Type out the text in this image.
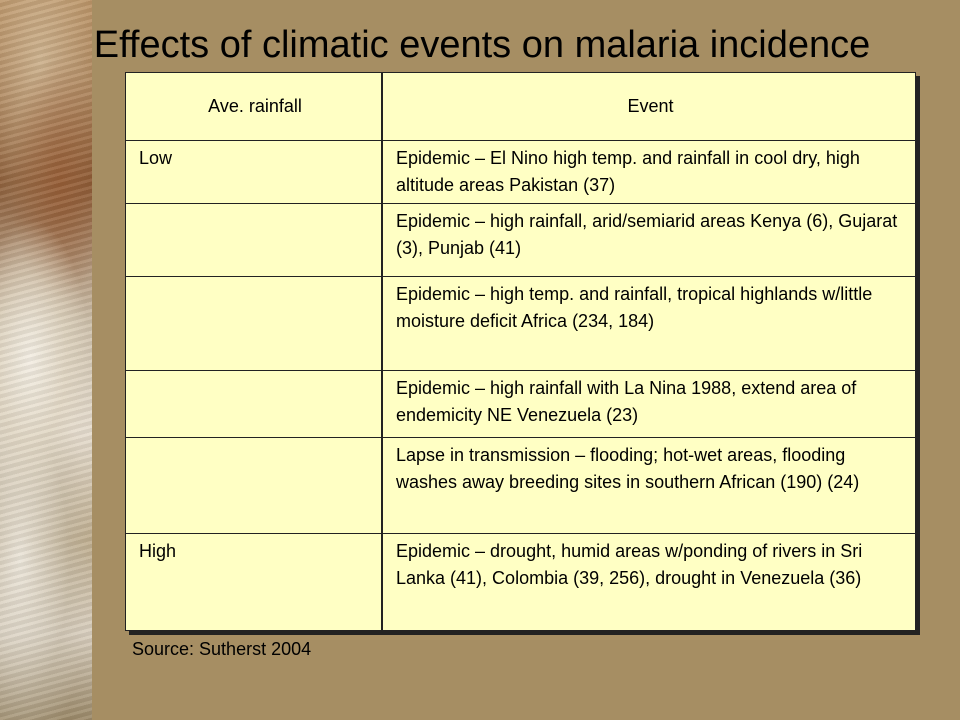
Effects of climatic events on malaria incidence
Ave. rainfall		Event
Low		Epidemic – El Nino high temp. and rainfall in cool dry, high altitude areas Pakistan (37)
		Epidemic – high rainfall, arid/semiarid areas Kenya (6), Gujarat (3), Punjab (41)
		Epidemic – high temp. and rainfall, tropical highlands w/little moisture deficit Africa (234, 184)
		Epidemic – high rainfall with La Nina 1988, extend area of endemicity NE Venezuela (23)
		Lapse in transmission – flooding; hot-wet areas, flooding washes away breeding sites in southern African (190) (24)
High		Epidemic – drought, humid areas w/ponding of rivers in Sri Lanka (41), Colombia (39, 256), drought in Venezuela (36)
Source: Sutherst 2004
